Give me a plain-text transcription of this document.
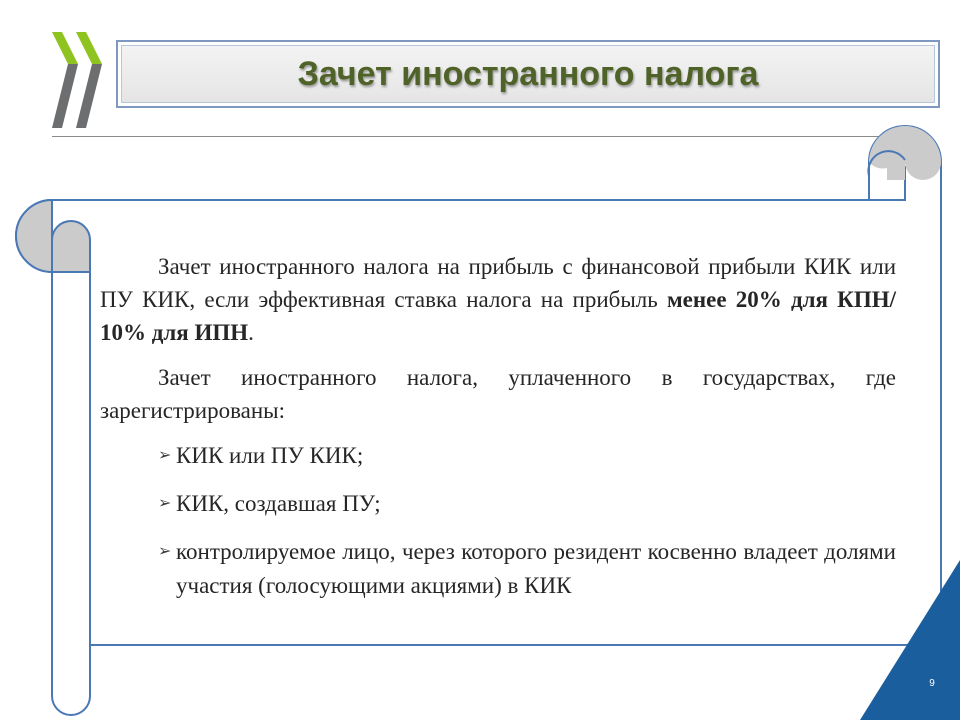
Зачет иностранного налога
9

Зачет иностранного налога на прибыль с финансовой прибыли КИК или ПУ КИК, если эффективная ставка налога на прибыль менее 20% для КПН/ 10% для ИПН.

Зачет иностранного налога, уплаченного в государствах, где зарегистрированы:

➢ КИК или ПУ КИК;
➢ КИК, создавшая ПУ;
➢ контролируемое лицо, через которого резидент косвенно владеет долями участия (голосующими акциями) в КИК
